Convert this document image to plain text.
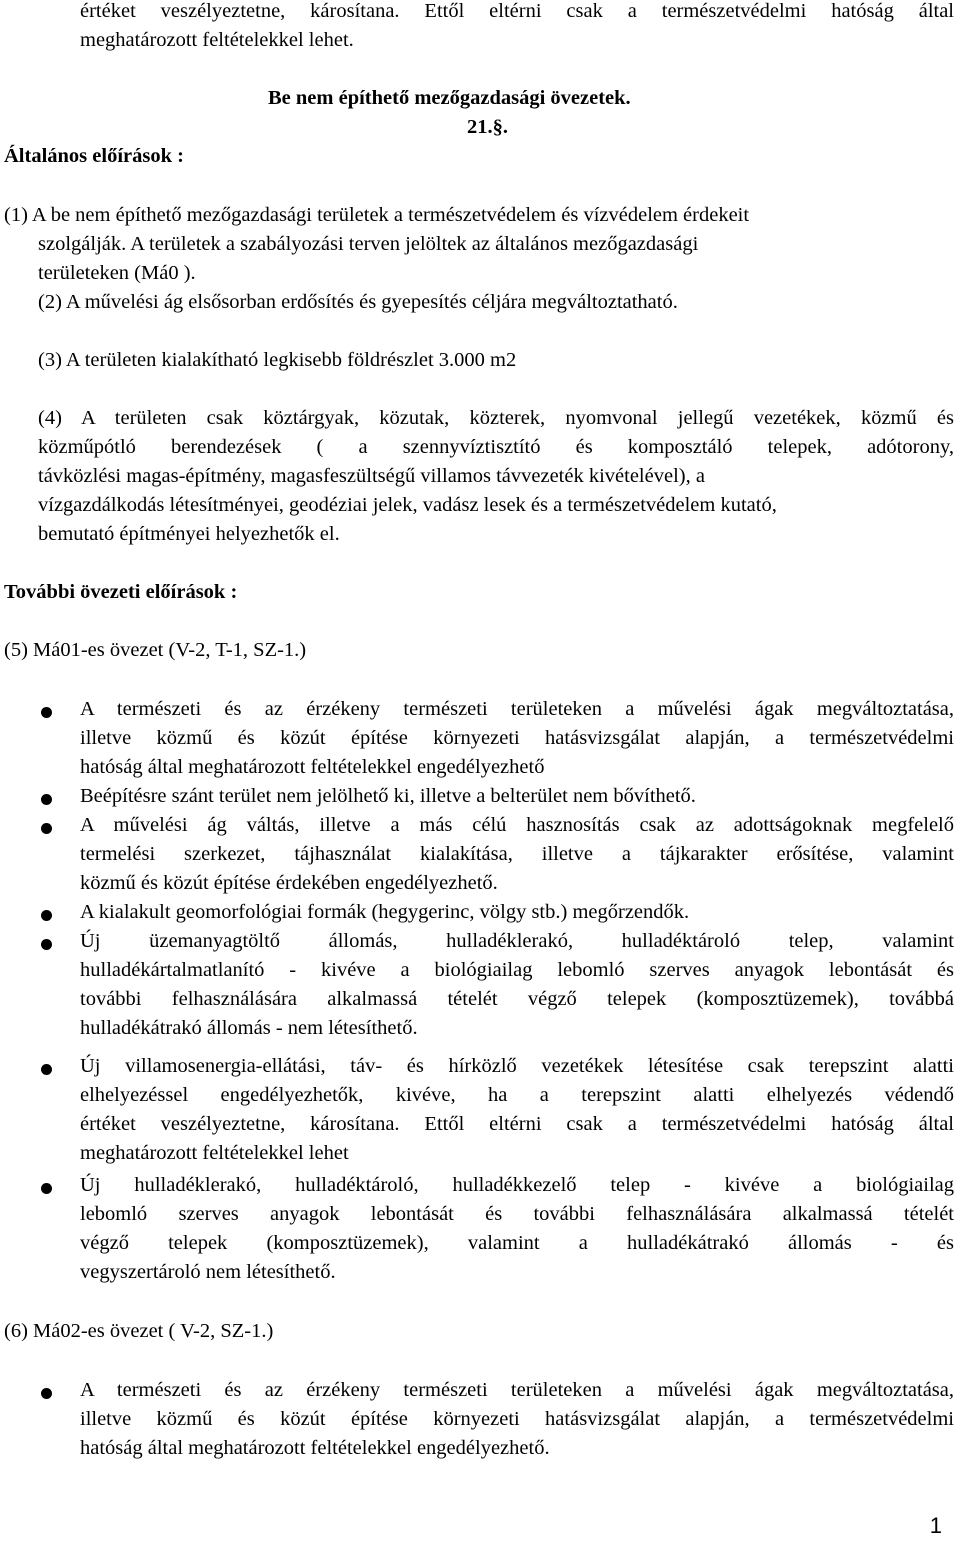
értéket veszélyeztetne, károsítana. Ettől eltérni csak a természetvédelmi hatóság által
meghatározott feltételekkel lehet.
Be nem építhető mezőgazdasági övezetek.
21.§.
Általános előírások :
(1) A be nem építhető mezőgazdasági területek a természetvédelem és vízvédelem érdekeit
szolgálják. A területek a szabályozási terven jelöltek az általános mezőgazdasági
területeken (Má0 ).
(2) A művelési ág elsősorban erdősítés és gyepesítés céljára megváltoztatható.
(3) A területen kialakítható legkisebb földrészlet 3.000 m2
(4) A területen csak köztárgyak, közutak, közterek, nyomvonal jellegű vezetékek, közmű és
közműpótló berendezések ( a szennyvíztisztító és komposztáló telepek, adótorony,
távközlési magas-építmény, magasfeszültségű villamos távvezeték kivételével), a
vízgazdálkodás létesítményei, geodéziai jelek, vadász lesek és a természetvédelem kutató,
bemutató építményei helyezhetők el.
További övezeti előírások :
(5) Má01-es övezet (V-2, T-1, SZ-1.)
A természeti és az érzékeny természeti területeken a művelési ágak megváltoztatása,
illetve közmű és közút építése környezeti hatásvizsgálat alapján, a természetvédelmi
hatóság által meghatározott feltételekkel engedélyezhető
Beépítésre szánt terület nem jelölhető ki, illetve a belterület nem bővíthető.
A művelési ág váltás, illetve a más célú hasznosítás csak az adottságoknak megfelelő
termelési szerkezet, tájhasználat kialakítása, illetve a tájkarakter erősítése, valamint
közmű és közút építése érdekében engedélyezhető.
A kialakult geomorfológiai formák (hegygerinc, völgy stb.) megőrzendők.
Új üzemanyagtöltő állomás, hulladéklerakó, hulladéktároló telep, valamint
hulladékártalmatlanító - kivéve a biológiailag lebomló szerves anyagok lebontását és
további felhasználására alkalmassá tételét végző telepek (komposztüzemek), továbbá
hulladékátrakó állomás - nem létesíthető.
Új villamosenergia-ellátási, táv- és hírközlő vezetékek létesítése csak terepszint alatti
elhelyezéssel engedélyezhetők, kivéve, ha a terepszint alatti elhelyezés védendő
értéket veszélyeztetne, károsítana. Ettől eltérni csak a természetvédelmi hatóság által
meghatározott feltételekkel lehet
Új hulladéklerakó, hulladéktároló, hulladékkezelő telep - kivéve a biológiailag
lebomló szerves anyagok lebontását és további felhasználására alkalmassá tételét
végző telepek (komposztüzemek), valamint a hulladékátrakó állomás - és
vegyszertároló nem létesíthető.
(6) Má02-es övezet ( V-2, SZ-1.)
A természeti és az érzékeny természeti területeken a művelési ágak megváltoztatása,
illetve közmű és közút építése környezeti hatásvizsgálat alapján, a természetvédelmi
hatóság által meghatározott feltételekkel engedélyezhető.
1
